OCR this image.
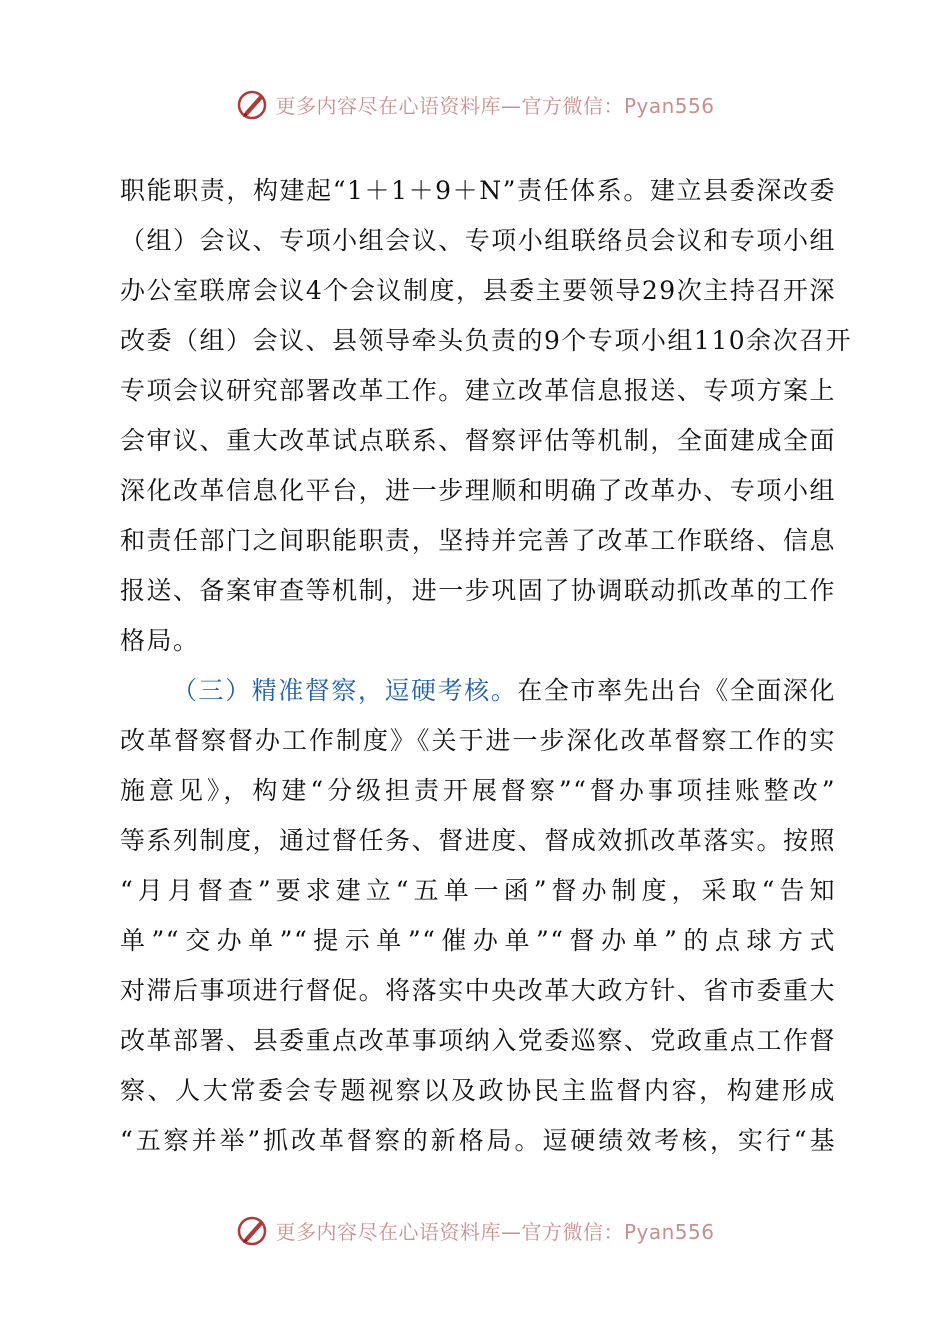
更多内容尽在心语资料库—官方微信：Pyan556
职能职责，构建起“1＋1＋9＋N”责任体系。建立县委深改委
（组）会议、专项小组会议、专项小组联络员会议和专项小组
办公室联席会议4个会议制度，县委主要领导29次主持召开深
改委（组）会议、县领导牵头负责的9个专项小组110余次召开
专项会议研究部署改革工作。建立改革信息报送、专项方案上
会审议、重大改革试点联系、督察评估等机制，全面建成全面
深化改革信息化平台，进一步理顺和明确了改革办、专项小组
和责任部门之间职能职责，坚持并完善了改革工作联络、信息
报送、备案审查等机制，进一步巩固了协调联动抓改革的工作
格局。
（三）精准督察，逗硬考核。在全市率先出台《全面深化
改革督察督办工作制度》《关于进一步深化改革督察工作的实
施意见》，构建“分级担责开展督察”“督办事项挂账整改”
等系列制度，通过督任务、督进度、督成效抓改革落实。按照
“月月督查”要求建立“五单一函”督办制度，采取“告知
单”“交办单”“提示单”“催办单”“督办单”的点球方式
对滞后事项进行督促。将落实中央改革大政方针、省市委重大
改革部署、县委重点改革事项纳入党委巡察、党政重点工作督
察、人大常委会专题视察以及政协民主监督内容，构建形成
“五察并举”抓改革督察的新格局。逗硬绩效考核，实行“基
更多内容尽在心语资料库—官方微信：Pyan556
